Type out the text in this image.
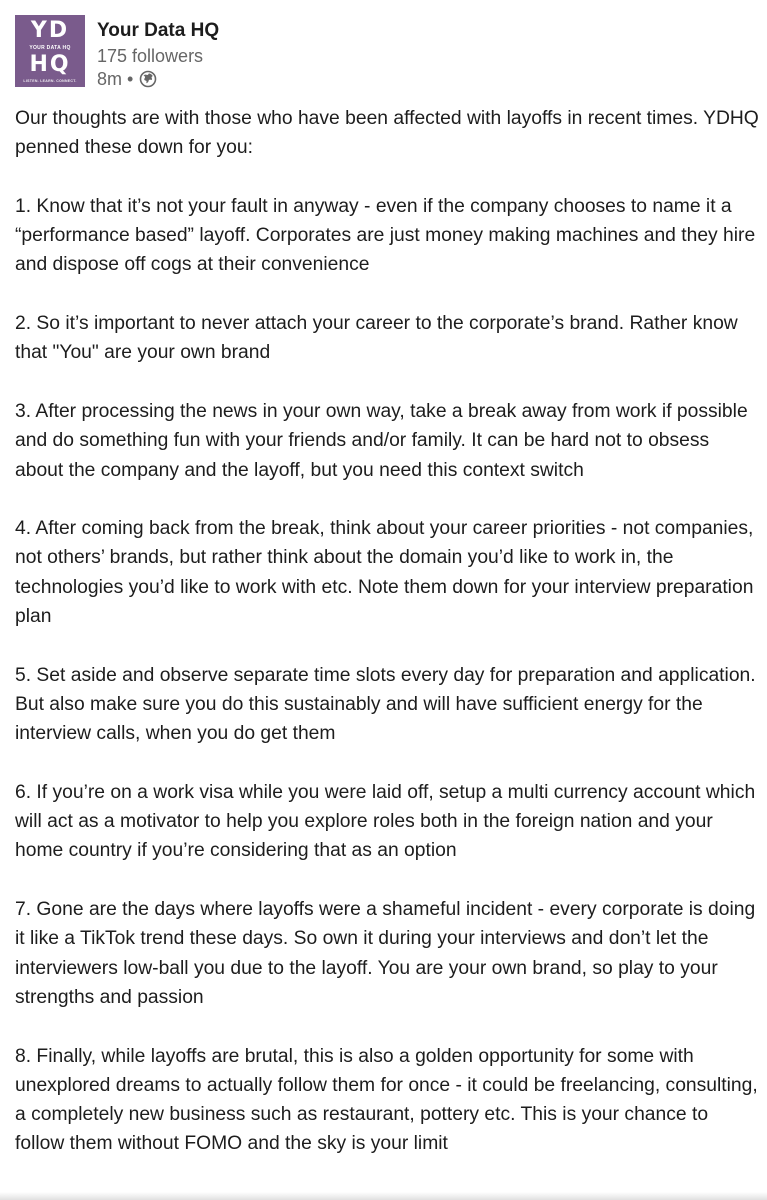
YD
YOUR DATA HQ
HQ
LISTEN. LEARN. CONNECT.
Your Data HQ
175 followers
8m •

Our thoughts are with those who have been affected with layoffs in recent times. YDHQ penned these down for you:

1. Know that it’s not your fault in anyway - even if the company chooses to name it a “performance based” layoff. Corporates are just money making machines and they hire and dispose off cogs at their convenience

2. So it’s important to never attach your career to the corporate’s brand. Rather know that "You" are your own brand

3. After processing the news in your own way, take a break away from work if possible and do something fun with your friends and/or family. It can be hard not to obsess about the company and the layoff, but you need this context switch

4. After coming back from the break, think about your career priorities - not companies, not others’ brands, but rather think about the domain you’d like to work in, the technologies you’d like to work with etc. Note them down for your interview preparation plan

5. Set aside and observe separate time slots every day for preparation and application. But also make sure you do this sustainably and will have sufficient energy for the interview calls, when you do get them

6. If you’re on a work visa while you were laid off, setup a multi currency account which will act as a motivator to help you explore roles both in the foreign nation and your home country if you’re considering that as an option

7. Gone are the days where layoffs were a shameful incident - every corporate is doing it like a TikTok trend these days. So own it during your interviews and don’t let the interviewers low-ball you due to the layoff. You are your own brand, so play to your strengths and passion

8. Finally, while layoffs are brutal, this is also a golden opportunity for some with unexplored dreams to actually follow them for once - it could be freelancing, consulting, a completely new business such as restaurant, pottery etc. This is your chance to follow them without FOMO and the sky is your limit
